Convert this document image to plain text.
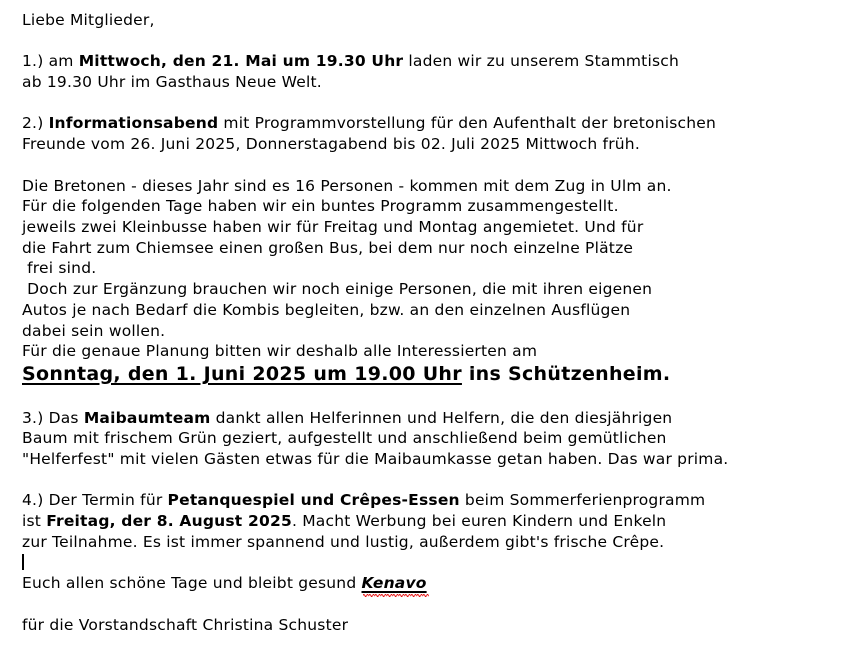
Liebe Mitglieder,
1.) am Mittwoch, den 21. Mai um 19.30 Uhr laden wir zu unserem Stammtisch
ab 19.30 Uhr im Gasthaus Neue Welt.
2.) Informationsabend mit Programmvorstellung für den Aufenthalt der bretonischen
Freunde vom 26. Juni 2025, Donnerstagabend bis 02. Juli 2025 Mittwoch früh.
Die Bretonen - dieses Jahr sind es 16 Personen - kommen mit dem Zug in Ulm an.
Für die folgenden Tage haben wir ein buntes Programm zusammengestellt.
jeweils zwei Kleinbusse haben wir für Freitag und Montag angemietet. Und für
die Fahrt zum Chiemsee einen großen Bus, bei dem nur noch einzelne Plätze
frei sind.
Doch zur Ergänzung brauchen wir noch einige Personen, die mit ihren eigenen
Autos je nach Bedarf die Kombis begleiten, bzw. an den einzelnen Ausflügen
dabei sein wollen.
Für die genaue Planung bitten wir deshalb alle Interessierten am
Sonntag, den 1. Juni 2025 um 19.00 Uhr ins Schützenheim.
3.) Das Maibaumteam dankt allen Helferinnen und Helfern, die den diesjährigen
Baum mit frischem Grün geziert, aufgestellt und anschließend beim gemütlichen
"Helferfest" mit vielen Gästen etwas für die Maibaumkasse getan haben. Das war prima.
4.) Der Termin für Petanquespiel und Crêpes-Essen beim Sommerferienprogramm
ist Freitag, der 8. August 2025. Macht Werbung bei euren Kindern und Enkeln
zur Teilnahme. Es ist immer spannend und lustig, außerdem gibt's frische Crêpe.
Euch allen schöne Tage und bleibt gesund Kenavo
für die Vorstandschaft Christina Schuster
